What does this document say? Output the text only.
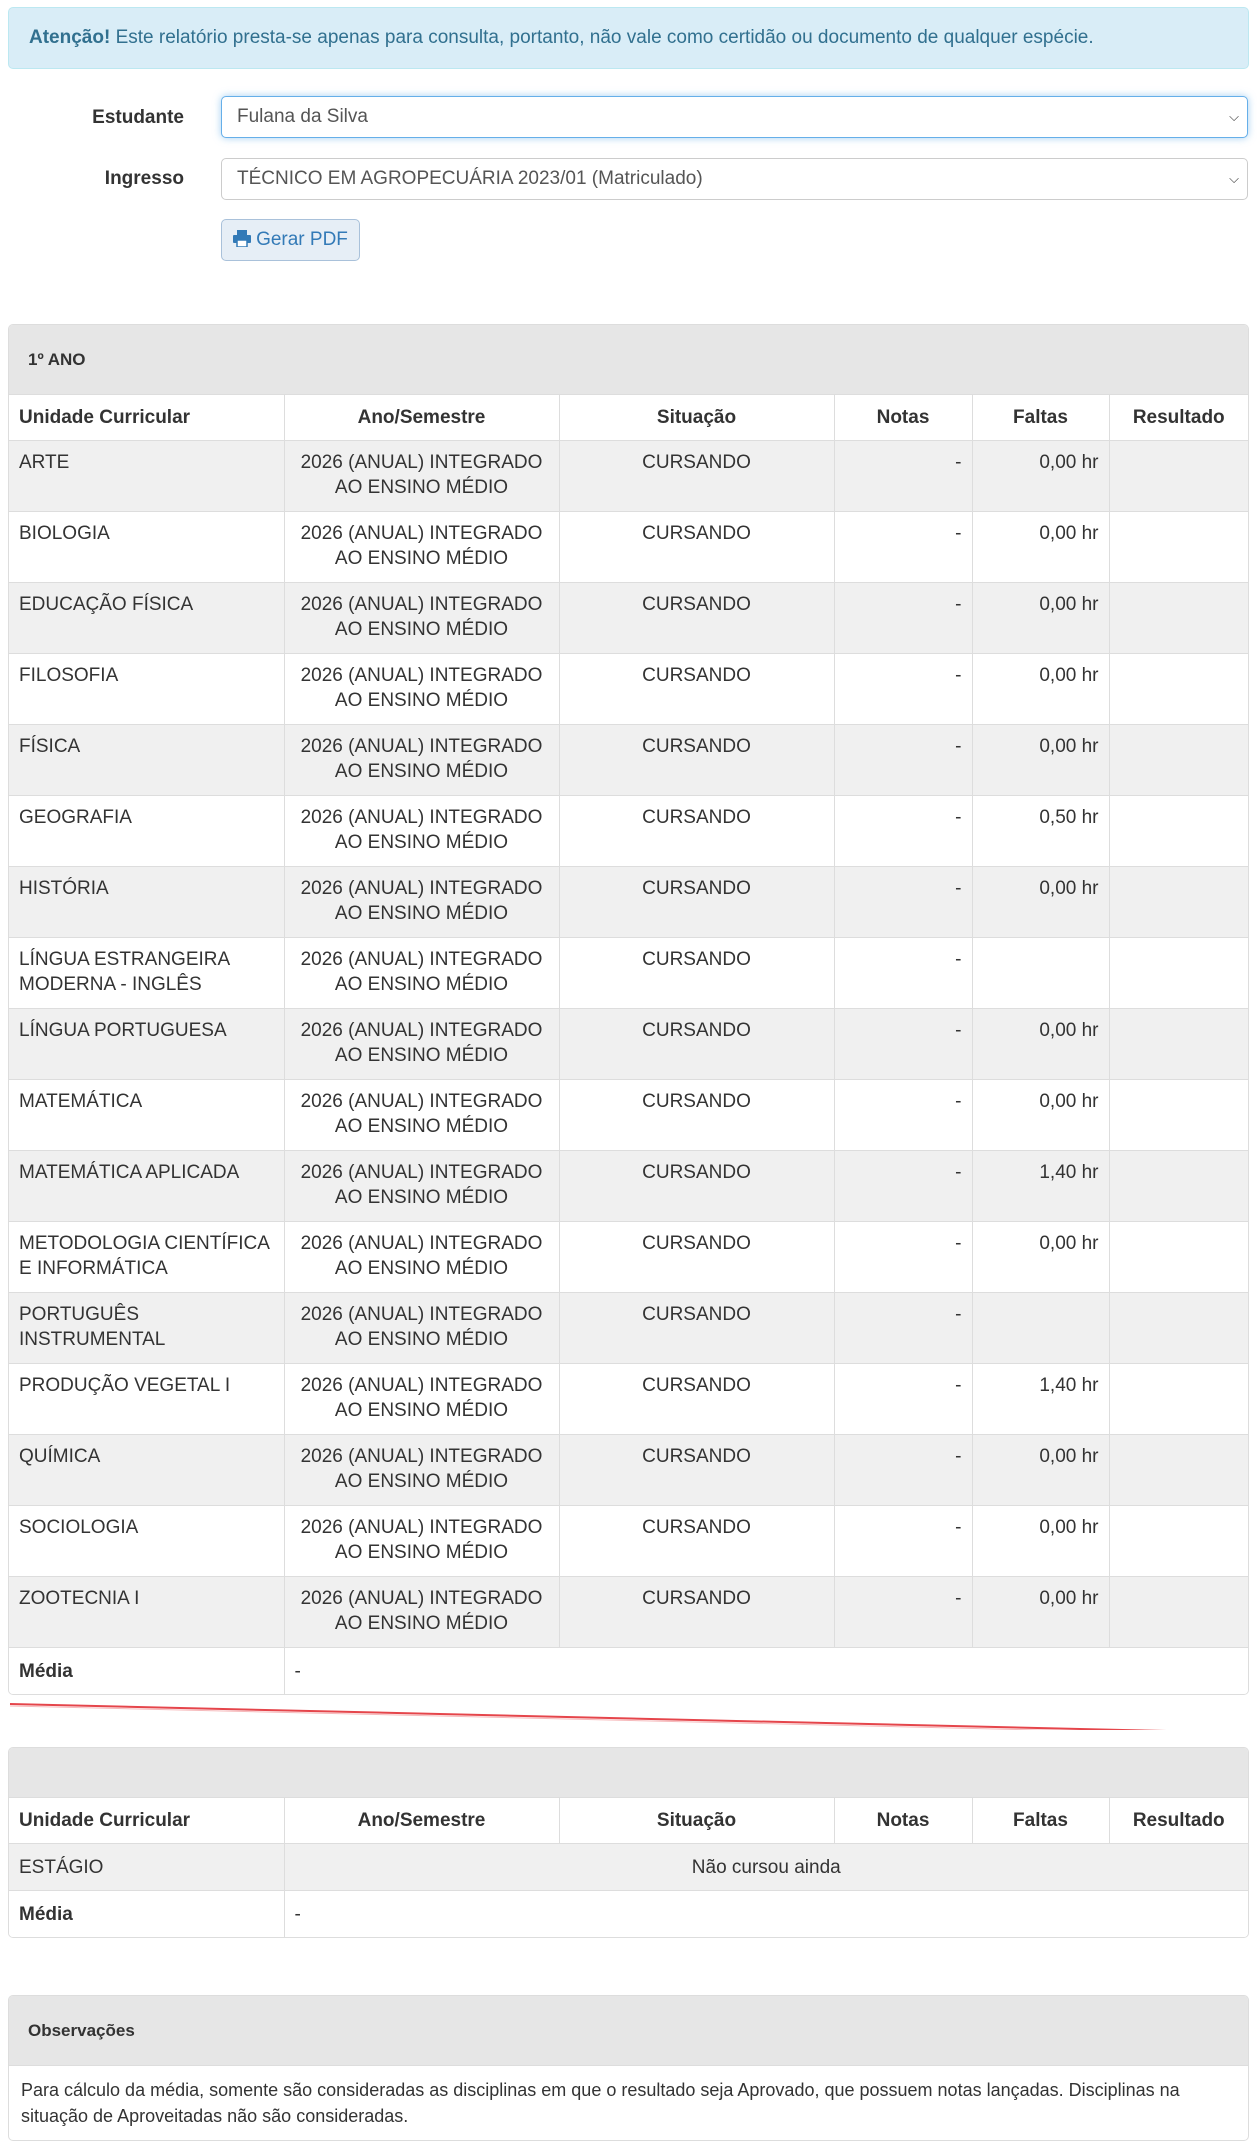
Atenção! Este relatório presta-se apenas para consulta, portanto, não vale como certidão ou documento de qualquer espécie.
Estudante	Fulana da Silva	⌵
Ingresso	TÉCNICO EM AGROPECUÁRIA 2023/01 (Matriculado)	⌵
Gerar PDF
1º ANO
Unidade Curricular	Ano/Semestre	Situação	Notas	Faltas	Resultado
ARTE	2026 (ANUAL) INTEGRADO AO ENSINO MÉDIO	CURSANDO	-	0,00 hr	
BIOLOGIA	2026 (ANUAL) INTEGRADO AO ENSINO MÉDIO	CURSANDO	-	0,00 hr	
EDUCAÇÃO FÍSICA	2026 (ANUAL) INTEGRADO AO ENSINO MÉDIO	CURSANDO	-	0,00 hr	
FILOSOFIA	2026 (ANUAL) INTEGRADO AO ENSINO MÉDIO	CURSANDO	-	0,00 hr	
FÍSICA	2026 (ANUAL) INTEGRADO AO ENSINO MÉDIO	CURSANDO	-	0,00 hr	
GEOGRAFIA	2026 (ANUAL) INTEGRADO AO ENSINO MÉDIO	CURSANDO	-	0,50 hr	
HISTÓRIA	2026 (ANUAL) INTEGRADO AO ENSINO MÉDIO	CURSANDO	-	0,00 hr	
LÍNGUA ESTRANGEIRA MODERNA - INGLÊS	2026 (ANUAL) INTEGRADO AO ENSINO MÉDIO	CURSANDO	-		
LÍNGUA PORTUGUESA	2026 (ANUAL) INTEGRADO AO ENSINO MÉDIO	CURSANDO	-	0,00 hr	
MATEMÁTICA	2026 (ANUAL) INTEGRADO AO ENSINO MÉDIO	CURSANDO	-	0,00 hr	
MATEMÁTICA APLICADA	2026 (ANUAL) INTEGRADO AO ENSINO MÉDIO	CURSANDO	-	1,40 hr	
METODOLOGIA CIENTÍFICA E INFORMÁTICA	2026 (ANUAL) INTEGRADO AO ENSINO MÉDIO	CURSANDO	-	0,00 hr	
PORTUGUÊS INSTRUMENTAL	2026 (ANUAL) INTEGRADO AO ENSINO MÉDIO	CURSANDO	-		
PRODUÇÃO VEGETAL I	2026 (ANUAL) INTEGRADO AO ENSINO MÉDIO	CURSANDO	-	1,40 hr	
QUÍMICA	2026 (ANUAL) INTEGRADO AO ENSINO MÉDIO	CURSANDO	-	0,00 hr	
SOCIOLOGIA	2026 (ANUAL) INTEGRADO AO ENSINO MÉDIO	CURSANDO	-	0,00 hr	
ZOOTECNIA I	2026 (ANUAL) INTEGRADO AO ENSINO MÉDIO	CURSANDO	-	0,00 hr	
Média	-				
Unidade Curricular	Ano/Semestre	Situação	Notas	Faltas	Resultado
ESTÁGIO	Não cursou ainda				
Média	-				
Observações
Para cálculo da média, somente são consideradas as disciplinas em que o resultado seja Aprovado, que possuem notas lançadas. Disciplinas na situação de Aproveitadas não são consideradas.
